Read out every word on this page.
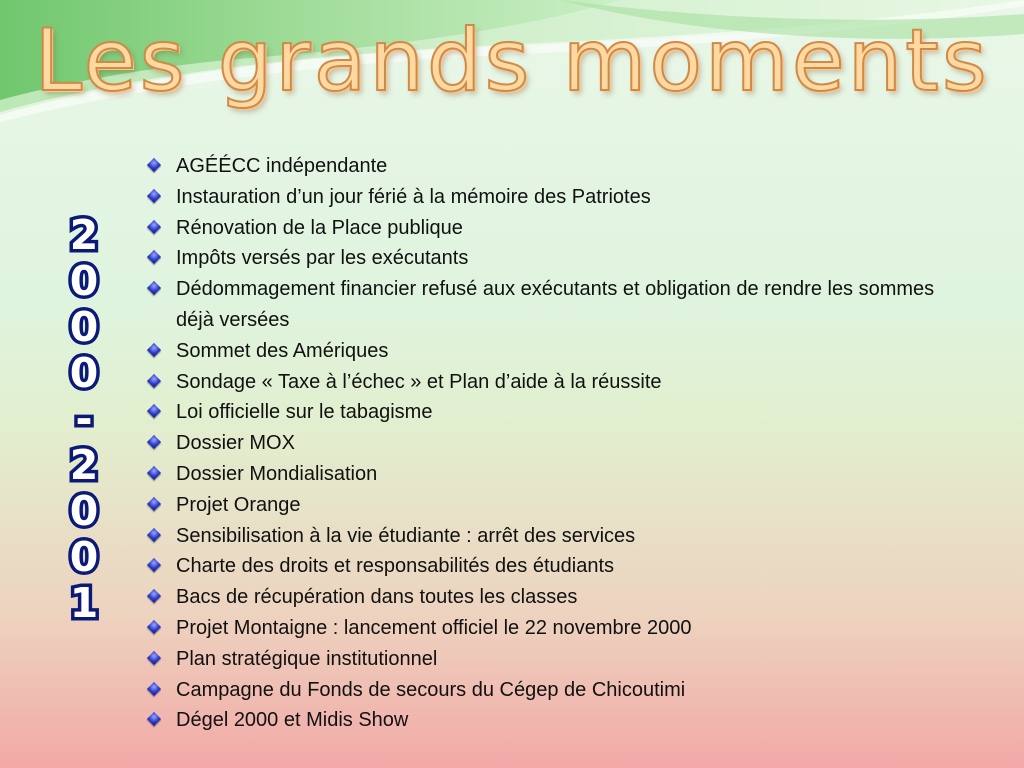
Les grands moments
2
0
0
0
-
2
0
0
1
AGÉÉCC indépendante
Instauration d’un jour férié à la mémoire des Patriotes
Rénovation de la Place publique
Impôts versés par les exécutants
Dédommagement financier refusé aux exécutants et obligation de rendre les sommes déjà versées
Sommet des Amériques
Sondage « Taxe à l’échec » et Plan d’aide à la réussite
Loi officielle sur le tabagisme
Dossier MOX
Dossier Mondialisation
Projet Orange
Sensibilisation à la vie étudiante : arrêt des services
Charte des droits et responsabilités des étudiants
Bacs de récupération dans toutes les classes
Projet Montaigne : lancement officiel le 22 novembre 2000
Plan stratégique institutionnel
Campagne du Fonds de secours du Cégep de Chicoutimi
Dégel 2000 et Midis Show
